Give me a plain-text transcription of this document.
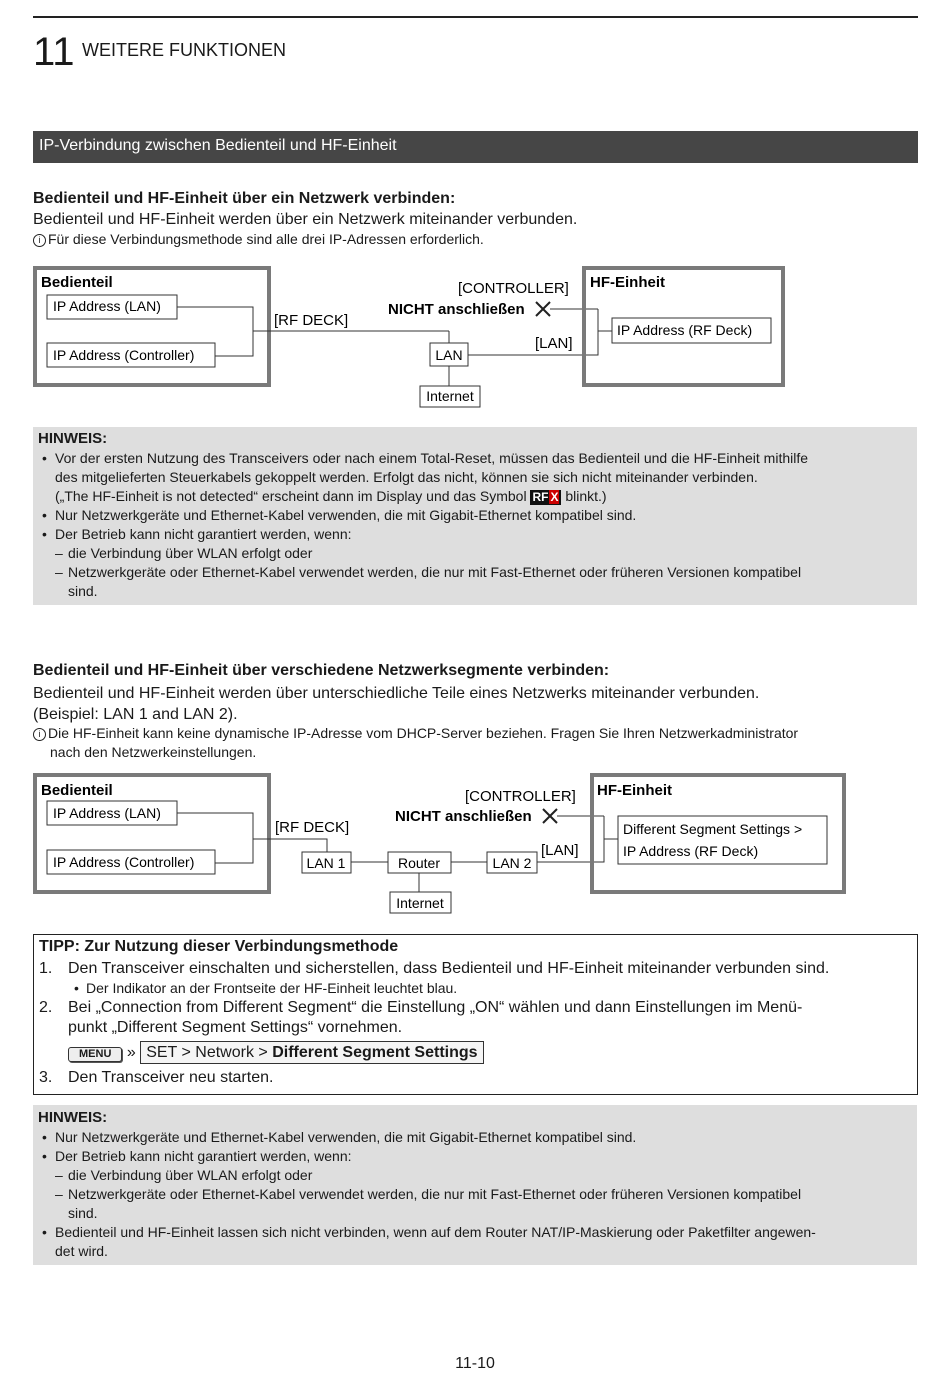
11 WEITERE FUNKTIONEN
IP-Verbindung zwischen Bedienteil und HF-Einheit
Bedienteil und HF-Einheit über ein Netzwerk verbinden:
Bedienteil und HF-Einheit werden über ein Netzwerk miteinander verbunden.
i Für diese Verbindungsmethode sind alle drei IP-Adressen erforderlich.
Bedienteil
IP Address (LAN)
IP Address (Controller)
[RF DECK]
LAN
Internet
[CONTROLLER]
NICHT anschließen
[LAN]
HF-Einheit
IP Address (RF Deck)
HINWEIS:
• Vor der ersten Nutzung des Transceivers oder nach einem Total-Reset, müssen das Bedienteil und die HF-Einheit mithilfe
des mitgelieferten Steuerkabels gekoppelt werden. Erfolgt das nicht, können sie sich nicht miteinander verbinden.
(„The HF-Einheit is not detected“ erscheint dann im Display und das Symbol RF X blinkt.)
• Nur Netzwerkgeräte und Ethernet-Kabel verwenden, die mit Gigabit-Ethernet kompatibel sind.
• Der Betrieb kann nicht garantiert werden, wenn:
– die Verbindung über WLAN erfolgt oder
– Netzwerkgeräte oder Ethernet-Kabel verwendet werden, die nur mit Fast-Ethernet oder früheren Versionen kompatibel
sind.
Bedienteil und HF-Einheit über verschiedene Netzwerksegmente verbinden:
Bedienteil und HF-Einheit werden über unterschiedliche Teile eines Netzwerks miteinander verbunden.
(Beispiel: LAN 1 and LAN 2).
i Die HF-Einheit kann keine dynamische IP-Adresse vom DHCP-Server beziehen. Fragen Sie Ihren Netzwerkadministrator
nach den Netzwerkeinstellungen.
Bedienteil
IP Address (LAN)
IP Address (Controller)
[RF DECK]
LAN 1	Router	LAN 2
Internet
[CONTROLLER]
NICHT anschließen
[LAN]
HF-Einheit
Different Segment Settings >
IP Address (RF Deck)
TIPP: Zur Nutzung dieser Verbindungsmethode
1. Den Transceiver einschalten und sicherstellen, dass Bedienteil und HF-Einheit miteinander verbunden sind.
• Der Indikator an der Frontseite der HF-Einheit leuchtet blau.
2. Bei „Connection from Different Segment“ die Einstellung „ON“ wählen und dann Einstellungen im Menü-
punkt „Different Segment Settings“ vornehmen.
MENU » SET > Network > Different Segment Settings
3. Den Transceiver neu starten.
HINWEIS:
• Nur Netzwerkgeräte und Ethernet-Kabel verwenden, die mit Gigabit-Ethernet kompatibel sind.
• Der Betrieb kann nicht garantiert werden, wenn:
– die Verbindung über WLAN erfolgt oder
– Netzwerkgeräte oder Ethernet-Kabel verwendet werden, die nur mit Fast-Ethernet oder früheren Versionen kompatibel
sind.
• Bedienteil und HF-Einheit lassen sich nicht verbinden, wenn auf dem Router NAT/IP-Maskierung oder Paketfilter angewen-
det wird.
11-10
